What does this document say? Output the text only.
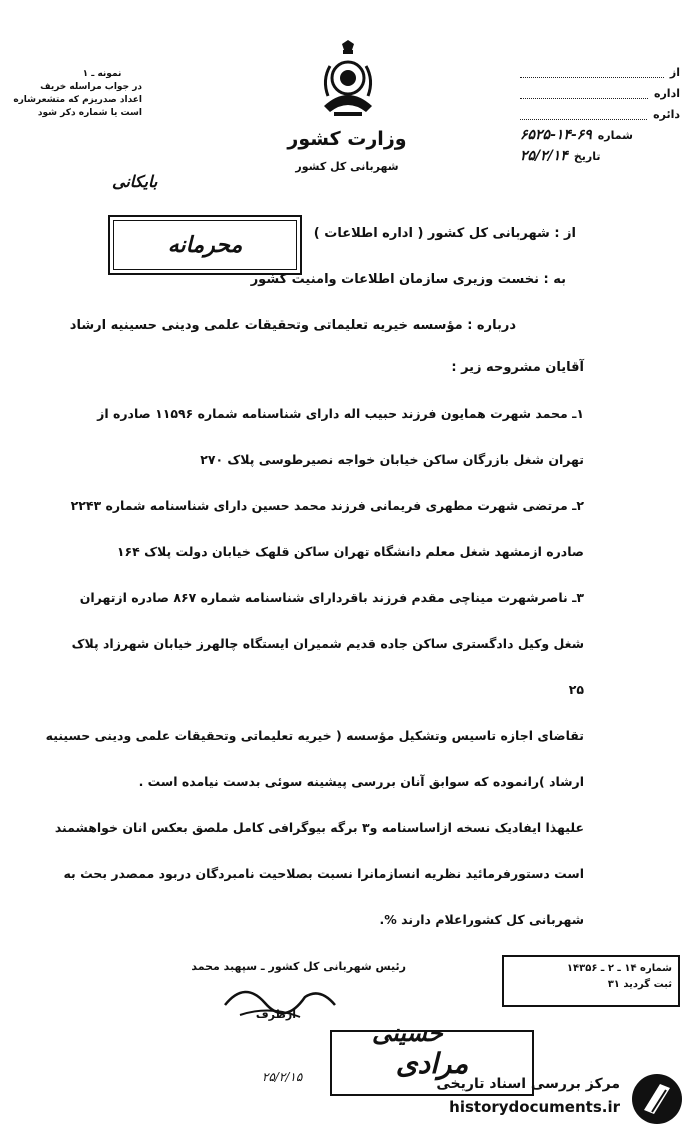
نمونه ـ ۱
در جواب مراسله خریف
اعداد صدریزم که متشعرشاره
است یا شماره دکر شود
وزارت کشور
شهربانی کل کشور
از
اداره
دائره
شماره
۶۵۲۵-۱۴-۶۹
تاریخ
۲۵/۲/۱۴
بایکانی
محرمانه	از : شهربانی کل کشور ( اداره اطلاعات )
به : نخست وزیری سازمان اطلاعات وامنیت کشور
درباره : مؤسسه خیریه تعلیماتی وتحقیقات علمی ودینی حسینیه ارشاد
آقایان مشروحه زیر :
۱ـ محمد شهرت همایون فرزند حبیب اله دارای شناسنامه شماره ۱۱۵۹۶ صادره از
تهران شغل بازرگان ساکن خیابان خواجه نصیرطوسی پلاک ۲۷۰
۲ـ مرتضی شهرت مطهری فریمانی فرزند محمد حسین دارای شناسنامه شماره ۲۲۴۳
صادره ازمشهد شغل معلم دانشگاه تهران ساکن قلهک خیابان دولت پلاک ۱۶۴
۳ـ ناصرشهرت میناچی مقدم فرزند باقردارای شناسنامه شماره ۸۶۷ صادره ازتهران
شغل وکیل دادگستری ساکن جاده قدیم شمیران ایستگاه چالهرز خیابان شهرزاد پلاک
۲۵
تقاضای اجازه تاسیس وتشکیل مؤسسه ( خیریه تعلیماتی وتحقیقات علمی ودینی حسینیه
ارشاد )رانموده که سوابق آنان بررسی پیشینه سوئی بدست نیامده است .
علیهذا ایفادیک نسخه ازاساسنامه و۳ برگه بیوگرافی کامل ملصق بعکس انان خواهشمند
است دستورفرمائید نظریه انسازمانرا نسبت بصلاحیت نامبردگان دربود ممصدر بحث به
شهربانی کل کشوراعلام دارند %.
رئیس شهربانی کل کشور ـ سپهبد محمد
ازطرف
شماره ۱۴ ـ ۲ ـ ۱۴۳۵۶
ثبت گردید ۳۱
حسینی
مرادی
۲۵/۲/۱۵	مرکز بررسی اسناد تاریخی
historydocuments.ir
